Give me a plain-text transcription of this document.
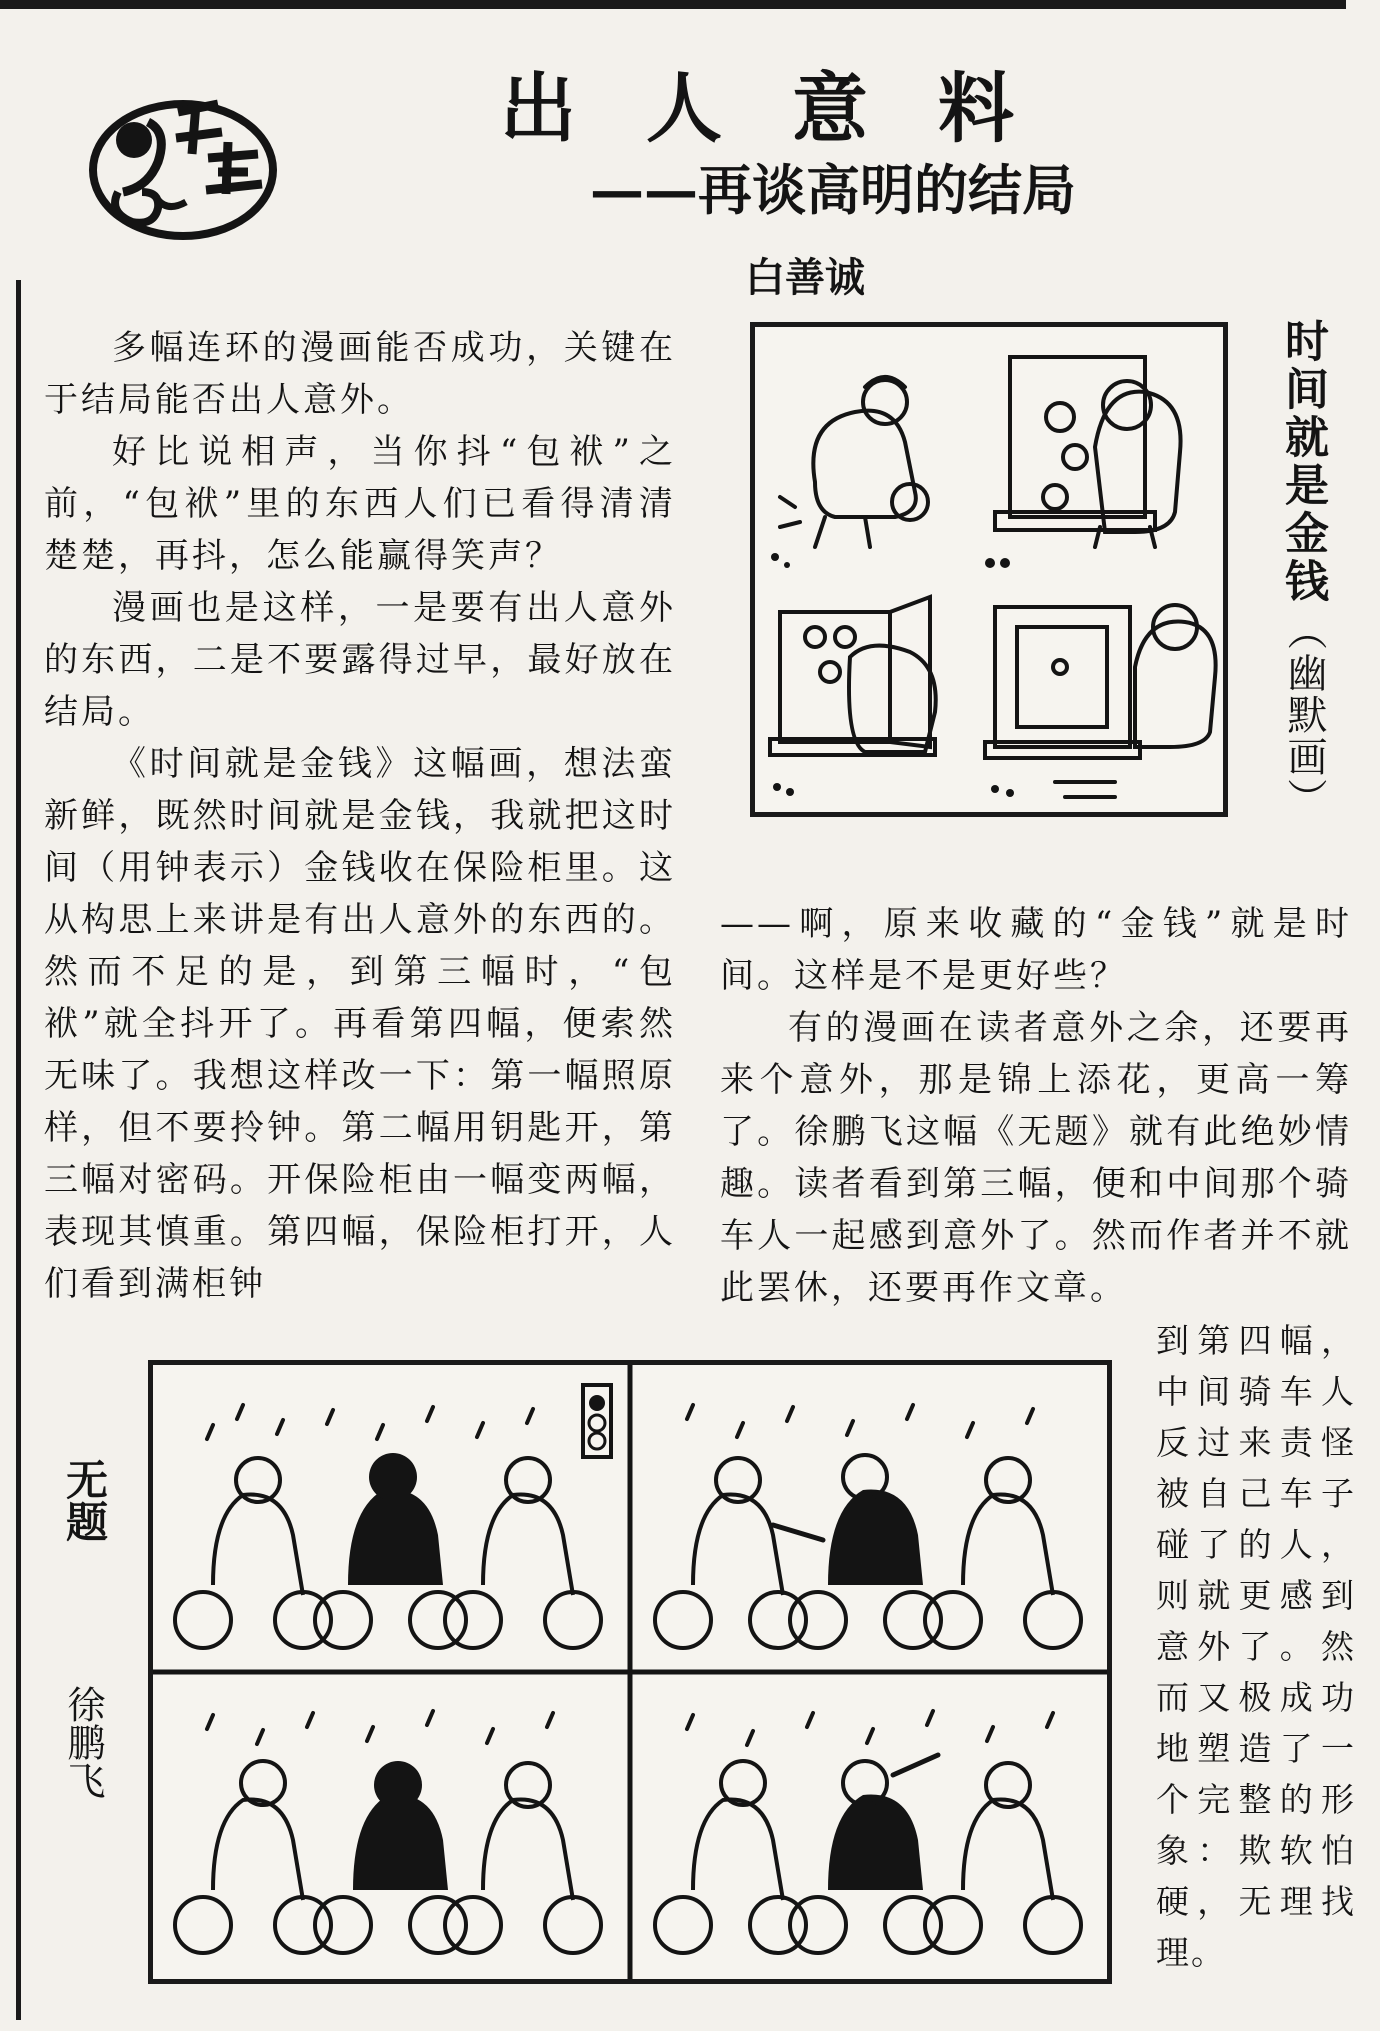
出人意料
——再谈高明的结局
白善诚

多幅连环的漫画能否成功，关键在于结局能否出人意外。

好比说相声，当你抖“包袱”之前，“包袱”里的东西人们已看得清清楚楚，再抖，怎么能赢得笑声？

漫画也是这样，一是要有出人意外的东西，二是不要露得过早，最好放在结局。

《时间就是金钱》这幅画，想法蛮新鲜，既然时间就是金钱，我就把这时间（用钟表示）金钱收在保险柜里。这从构思上来讲是有出人意外的东西的。然而不足的是，到第三幅时，“包袱”就全抖开了。再看第四幅，便索然无味了。我想这样改一下：第一幅照原样，但不要拎钟。第二幅用钥匙开，第三幅对密码。开保险柜由一幅变两幅，表现其慎重。第四幅，保险柜打开，人们看到满柜钟

时间就是金钱
（幽默画）

——啊，原来收藏的“金钱”就是时间。这样是不是更好些？

有的漫画在读者意外之余，还要再来个意外，那是锦上添花，更高一筹了。徐鹏飞这幅《无题》就有此绝妙情趣。读者看到第三幅，便和中间那个骑车人一起感到意外了。然而作者并不就此罢休，还要再作文章。

到第四幅，中间骑车人反过来责怪被自己车子碰了的人，则就更感到意外了。然而又极成功地塑造了一个完整的形象：欺软怕硬，无理找理。

无题
徐鹏飞
